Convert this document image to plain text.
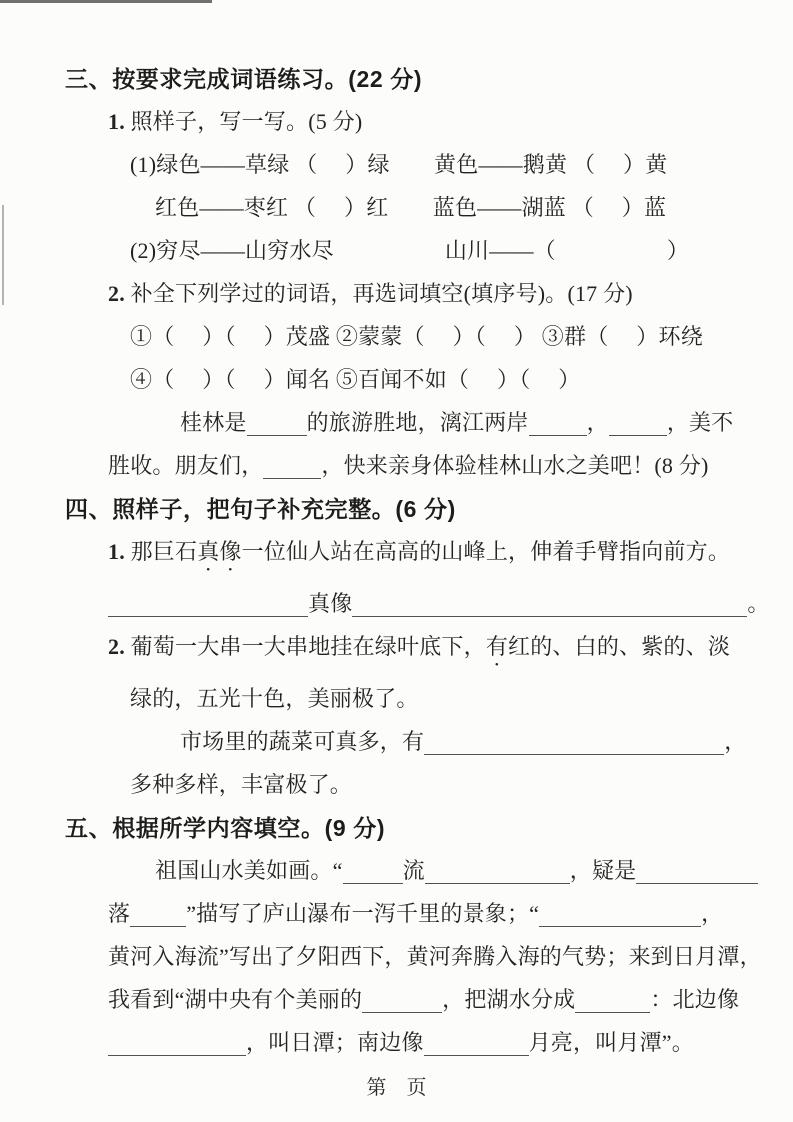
三、按要求完成词语练习。(22 分)
1. 照样子，写一写。(5 分)
(1)绿色——草绿 （　 ）绿　　黄色——鹅黄 （　 ）黄
红色——枣红 （　 ）红　　蓝色——湖蓝 （　 ）蓝
(2)穷尽——山穷水尽　　　　　山川——（　　　　　）
2. 补全下列学过的词语，再选词填空(填序号)。(17 分)
①（　 ）（　 ）茂盛 ②蒙蒙（　 ）（　 ） ③群（　 ）环绕
④（　 ）（　 ）闻名 ⑤百闻不如（　 ）（　 ）
桂林是	的旅游胜地，漓江两岸	，	，美不
胜收。朋友们，	，快来亲身体验桂林山水之美吧！(8 分)
四、照样子，把句子补充完整。(6 分)
1. 那巨石真像一位仙人站在高高的山峰上，伸着手臂指向前方。
真像	。
2. 葡萄一大串一大串地挂在绿叶底下，有红的、白的、紫的、淡
绿的，五光十色，美丽极了。
市场里的蔬菜可真多，有	，
多种多样，丰富极了。
五、根据所学内容填空。(9 分)
祖国山水美如画。“	流	，疑是
落	”描写了庐山瀑布一泻千里的景象；“	，
黄河入海流”写出了夕阳西下，黄河奔腾入海的气势；来到日月潭，
我看到“湖中央有个美丽的	，把湖水分成	：北边像
，叫日潭；南边像	月亮，叫月潭”。
第　页
